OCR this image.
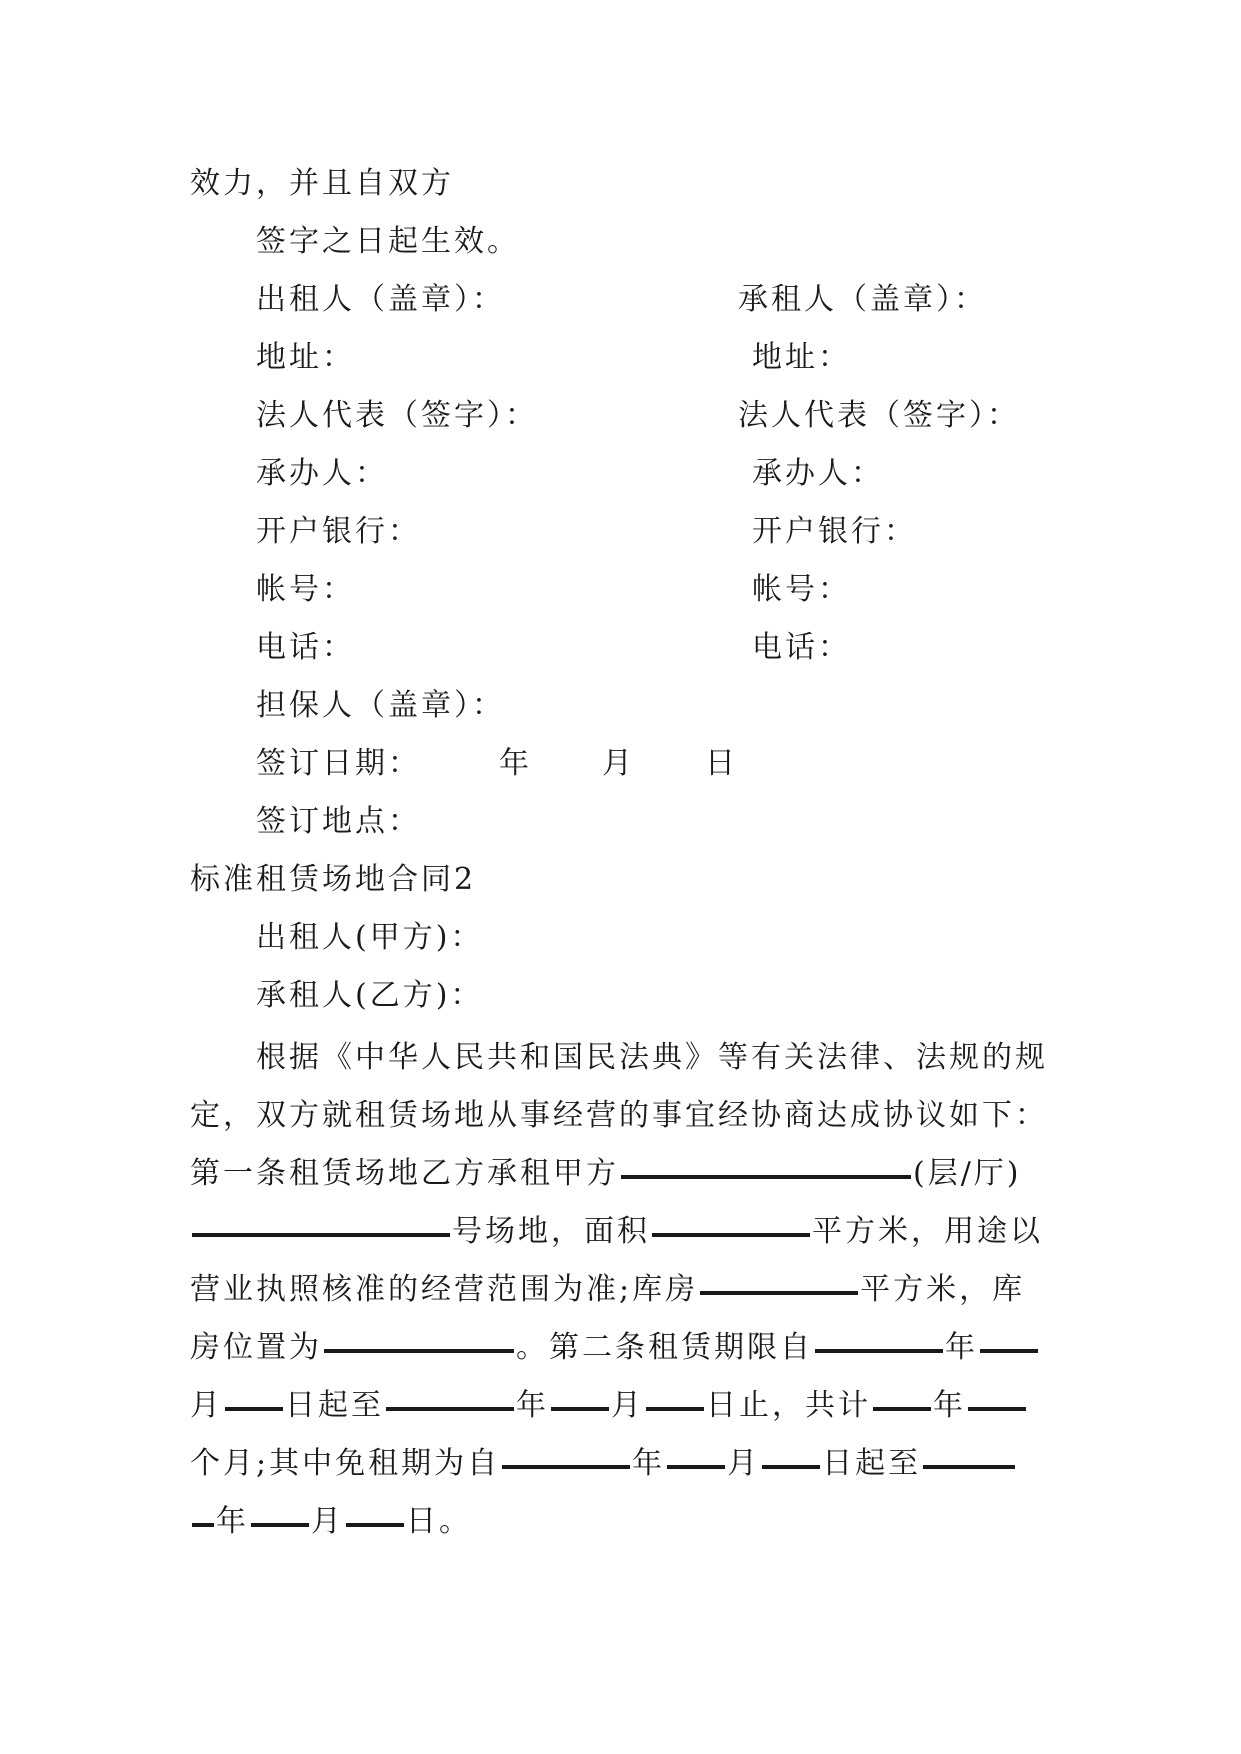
效力，并且自双方
签字之日起生效。
出租人（盖章）：	承租人（盖章）：
地址：	地址：
法人代表（签字）：	法人代表（签字）：
承办人：	承办人：
开户银行：	开户银行：
帐号：	帐号：
电话：	电话：
担保人（盖章）：
签订日期：	年 月 日
签订地点：
标准租赁场地合同2
出租人(甲方)：
承租人(乙方)：
根据《中华人民共和国民法典》等有关法律、法规的规
定，双方就租赁场地从事经营的事宜经协商达成协议如下：
第一条租赁场地乙方承租甲方	(层/厅)
号场地，面积	平方米，用途以
营业执照核准的经营范围为准;库房	平方米，库
房位置为	。第二条租赁期限自	年
月 日起至	年 月 日止，共计 年
个月;其中免租期为自	年 月 日起至
年 月 日。
